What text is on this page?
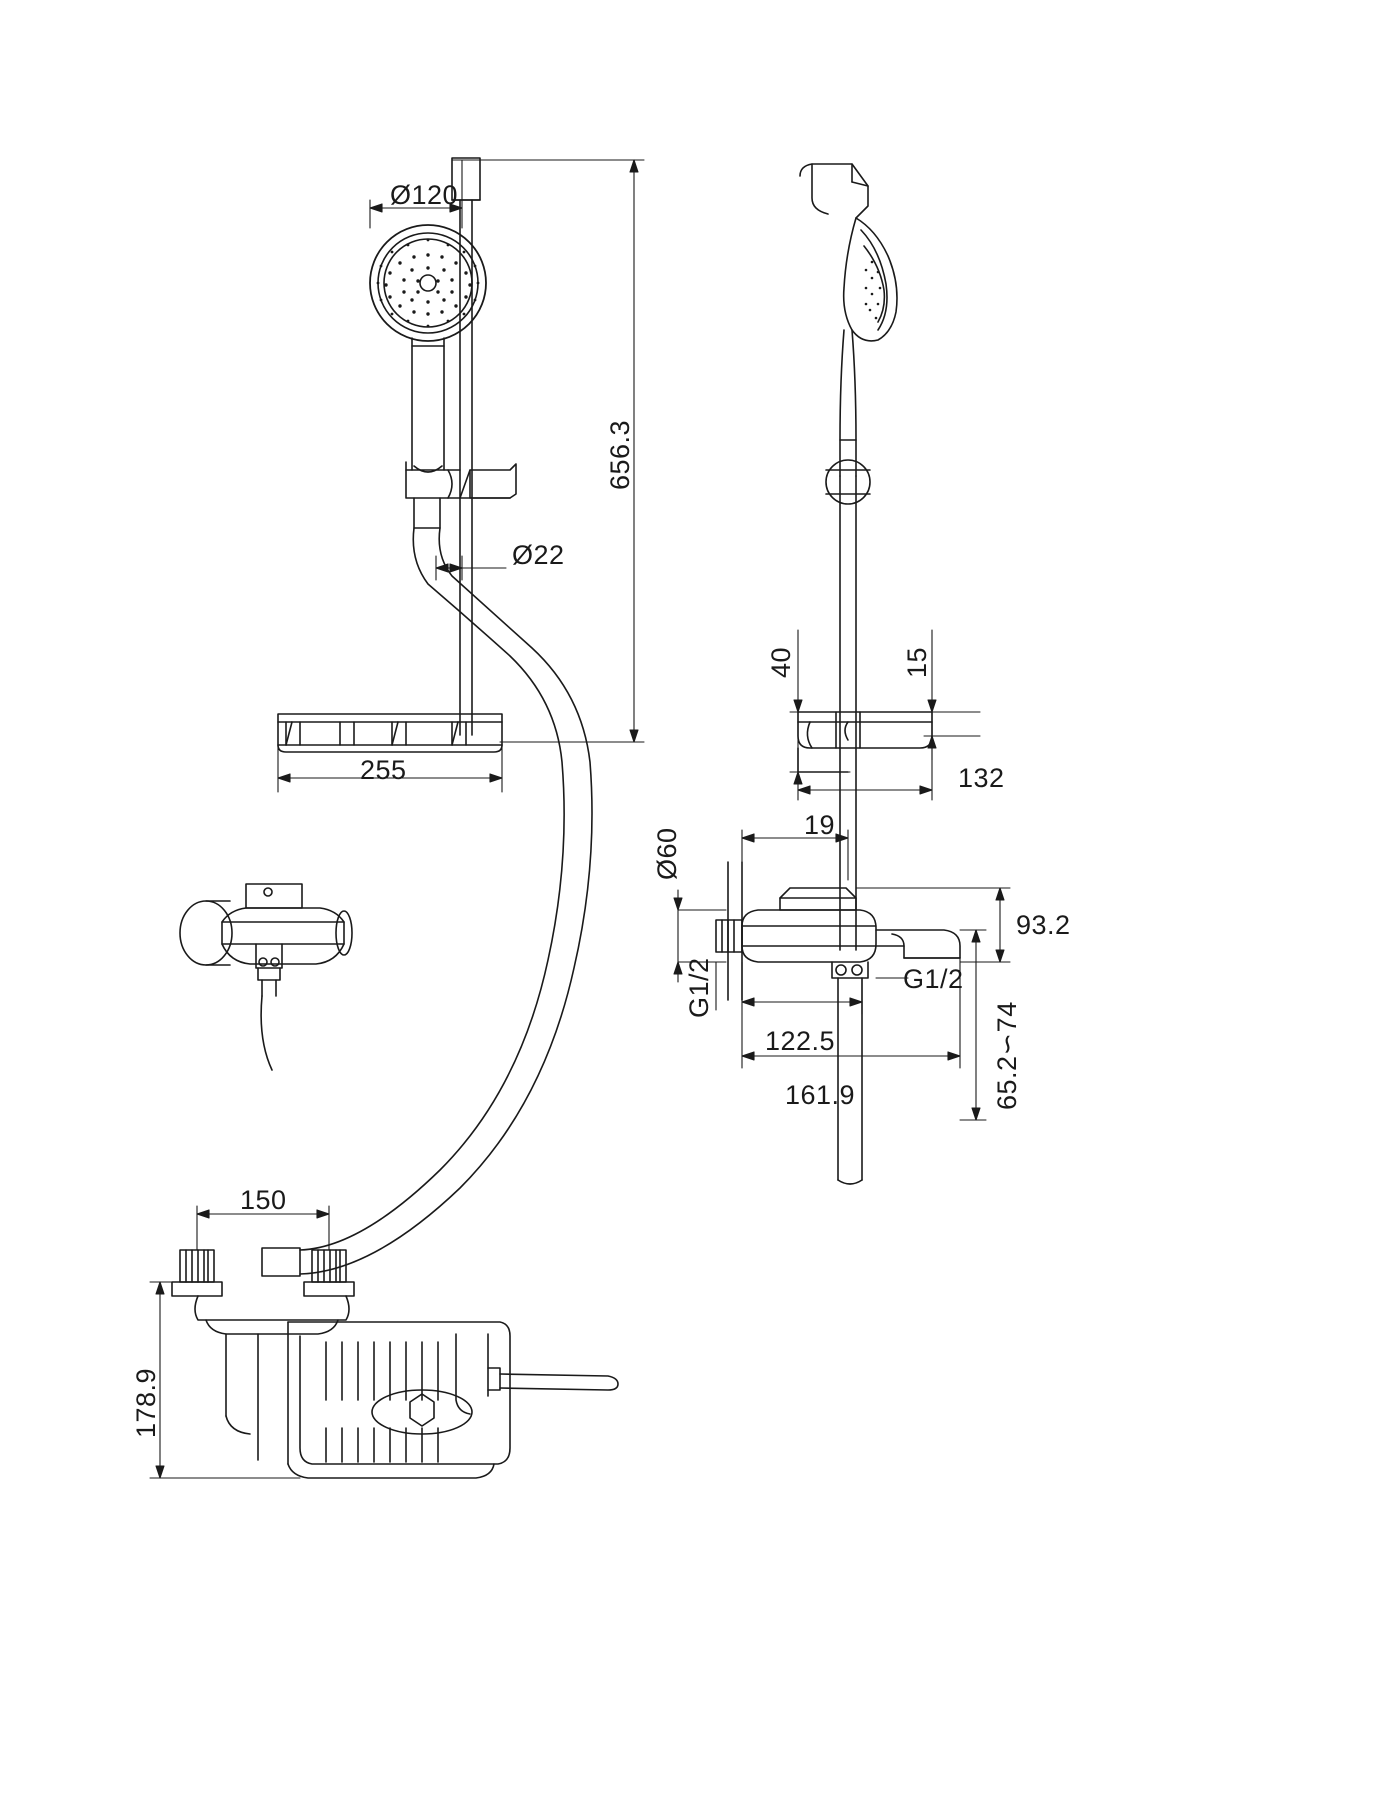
Ø120
656.3
Ø22
255
40	15
132
19
Ø60
93.2
G1/2	G1/2
122.5
161.9	65.2∽74
150
178.9
